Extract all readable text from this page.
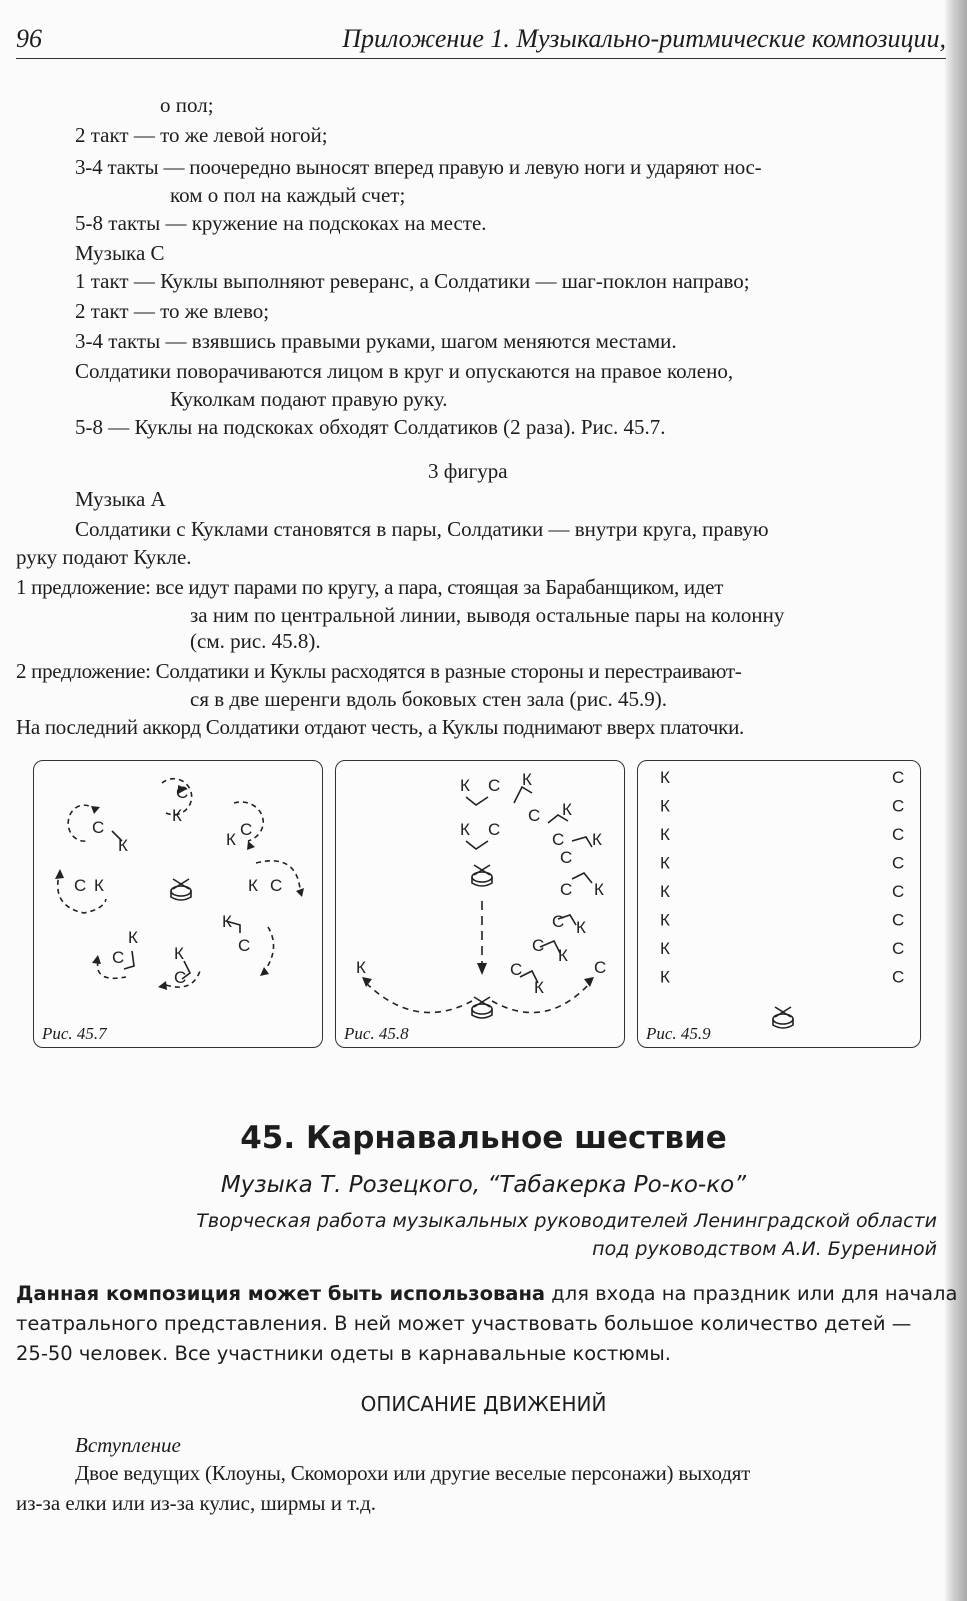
96	Приложение 1. Музыкально-ритмические композиции,
о пол;
2 такт — то же левой ногой;
3-4 такты — поочередно выносят вперед правую и левую ноги и ударяют нос-
ком о пол на каждый счет;
5-8 такты — кружение на подскоках на месте.
Музыка С
1 такт — Куклы выполняют реверанс, а Солдатики — шаг-поклон направо;
2 такт — то же влево;
3-4 такты — взявшись правыми руками, шагом меняются местами.
Солдатики поворачиваются лицом в круг и опускаются на правое колено,
Куколкам подают правую руку.
5-8 — Куклы на подскоках обходят Солдатиков (2 раза). Рис. 45.7.
3 фигура
Музыка А
Солдатики с Куклами становятся в пары, Солдатики — внутри круга, правую
руку подают Кукле.
1 предложение: все идут парами по кругу, а пара, стоящая за Барабанщиком, идет
за ним по центральной линии, выводя остальные пары на колонну
(см. рис. 45.8).
2 предложение: Солдатики и Куклы расходятся в разные стороны и перестраивают-
ся в две шеренги вдоль боковых стен зала (рис. 45.9).
На последний аккорд Солдатики отдают честь, а Куклы поднимают вверх платочки.
С
К
С
К	К
С
С К	К С
К
С
К
С	К
С
Рис. 45.7
К С
К С
К
С К
С К
С
К
С
С К
С
К
С
К
К	С
Рис. 45.8
К	С
К	С
К	С
К	С
К	С
К	С
К	С
К	С
Рис. 45.9
45. Карнавальное шествие
Музыка Т. Розецкого, “Табакерка Ро-ко-ко”
Творческая работа музыкальных руководителей Ленинградской области
под руководством А.И. Бурениной
Данная композиция может быть использована для входа на праздник или для начала
театрального представления. В ней может участвовать большое количество детей —
25-50 человек. Все участники одеты в карнавальные костюмы.
ОПИСАНИЕ ДВИЖЕНИЙ
Вступление
Двое ведущих (Клоуны, Скоморохи или другие веселые персонажи) выходят
из-за елки или из-за кулис, ширмы и т.д.
